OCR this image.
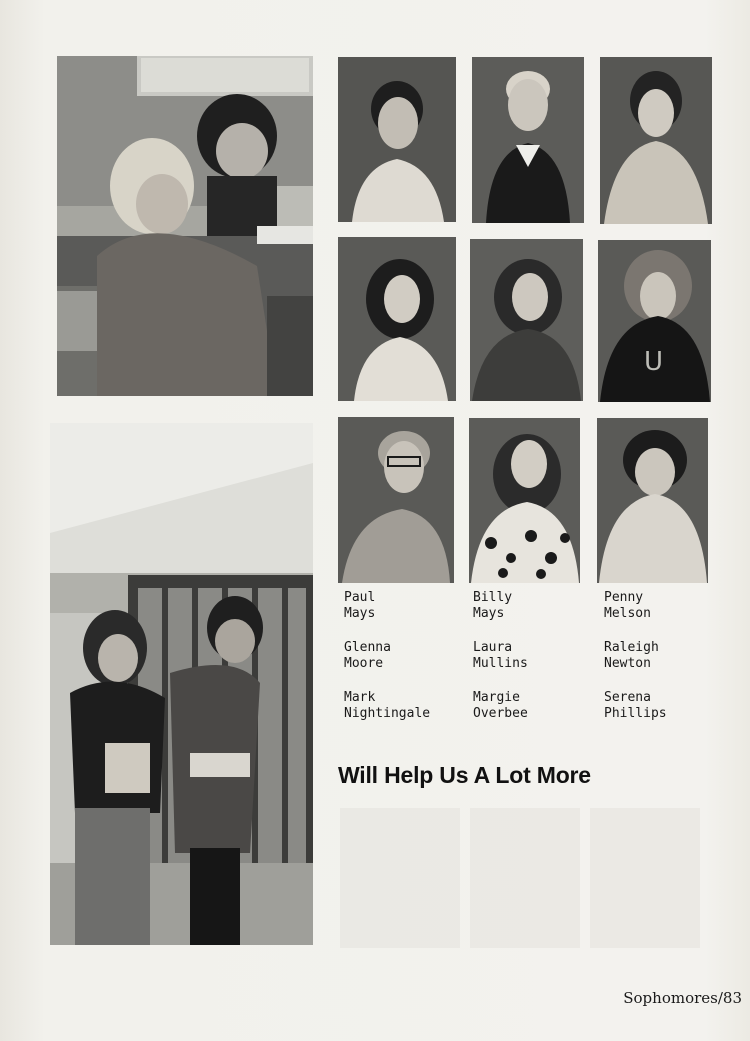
U
Paul
Mays
Glenna
Moore
Mark
Nightingale
Billy
Mays
Laura
Mullins
Margie
Overbee
Penny
Melson
Raleigh
Newton
Serena
Phillips
Will Help Us A Lot More
Sophomores/83
